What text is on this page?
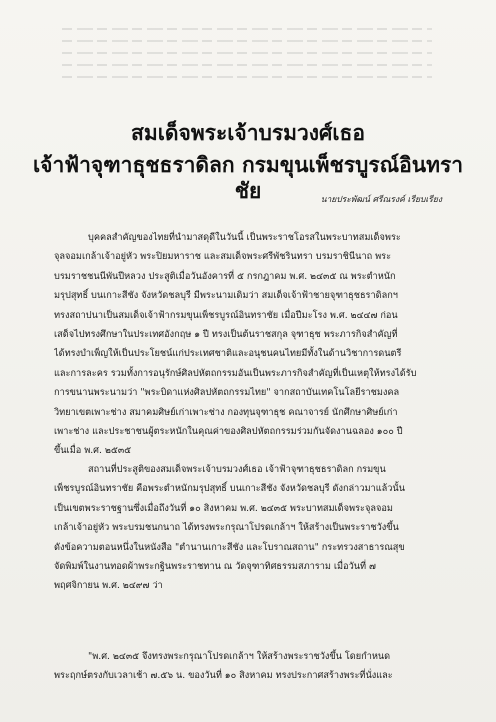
สมเด็จพระเจ้าบรมวงศ์เธอ
เจ้าฟ้าจุฑาธุชธราดิลก กรมขุนเพ็ชรบูรณ์อินทราชัย	นายประพัฒน์ ศรีณรงค์ เรียบเรียง

บุคคลสำคัญของไทยที่นำมาสดุดีในวันนี้ เป็นพระราชโอรสในพระบาทสมเด็จพระ
จุลจอมเกล้าเจ้าอยู่หัว พระปิยมหาราช และสมเด็จพระศรีพัชรินทรา บรมราชินีนาถ พระ
บรมราชชนนีพันปีหลวง ประสูติเมื่อวันอังคารที่ ๕ กรกฎาคม พ.ศ. ๒๔๓๕ ณ พระตำหนัก
มรุปสุทธิ์ บนเกาะสีชัง จังหวัดชลบุรี มีพระนามเดิมว่า สมเด็จเจ้าฟ้าชายจุฑาธุชธราดิลกฯ
ทรงสถาปนาเป็นสมเด็จเจ้าฟ้ากรมขุนเพ็ชรบูรณ์อินทราชัย เมื่อปีมะโรง พ.ศ. ๒๔๔๗ ก่อน
เสด็จไปทรงศึกษาในประเทศอังกฤษ ๑ ปี ทรงเป็นต้นราชสกุล จุฑาธุช พระภารกิจสำคัญที่
ได้ทรงบำเพ็ญให้เป็นประโยชน์แก่ประเทศชาติและอนุชนคนไทยมีทั้งในด้านวิชาการดนตรี
และการละคร รวมทั้งการอนุรักษ์ศิลปหัตถกรรมอันเป็นพระภารกิจสำคัญที่เป็นเหตุให้ทรงได้รับ
การขนานพระนามว่า "พระบิดาแห่งศิลปหัตถกรรมไทย" จากสถาบันเทคโนโลยีราชมงคล
วิทยาเขตเพาะช่าง สมาคมศิษย์เก่าเพาะช่าง กองทุนจุฑาธุช คณาจารย์ นักศึกษาศิษย์เก่า
เพาะช่าง และประชาชนผู้ตระหนักในคุณค่าของศิลปหัตถกรรมร่วมกันจัดงานฉลอง ๑๐๐ ปี
ขึ้นเมื่อ พ.ศ. ๒๕๓๕

สถานที่ประสูติของสมเด็จพระเจ้าบรมวงศ์เธอ เจ้าฟ้าจุฑาธุชธราดิลก กรมขุน
เพ็ชรบูรณ์อินทราชัย คือพระตำหนักมรุปสุทธิ์ บนเกาะสีชัง จังหวัดชลบุรี ดังกล่าวมาแล้วนั้น
เป็นเขตพระราชฐานซึ่งเมื่อถึงวันที่ ๑๐ สิงหาคม พ.ศ. ๒๔๓๕ พระบาทสมเด็จพระจุลจอม
เกล้าเจ้าอยู่หัว พระบรมชนกนาถ ได้ทรงพระกรุณาโปรดเกล้าฯ ให้สร้างเป็นพระราชวังขึ้น
ดังข้อความตอนหนึ่งในหนังสือ "ตำนานเกาะสีชัง และโบราณสถาน" กระทรวงสาธารณสุข
จัดพิมพ์ในงานทอดผ้าพระกฐินพระราชทาน ณ วัดจุฑาทิศธรรมสภาราม เมื่อวันที่ ๗
พฤศจิกายน พ.ศ. ๒๔๙๗ ว่า

"พ.ศ. ๒๔๓๕ จึงทรงพระกรุณาโปรดเกล้าฯ ให้สร้างพระราชวังขึ้น โดยกำหนด
พระฤกษ์ตรงกับเวลาเช้า ๗.๕๖ น. ของวันที่ ๑๐ สิงหาคม ทรงประกาศสร้างพระที่นั่งและ
